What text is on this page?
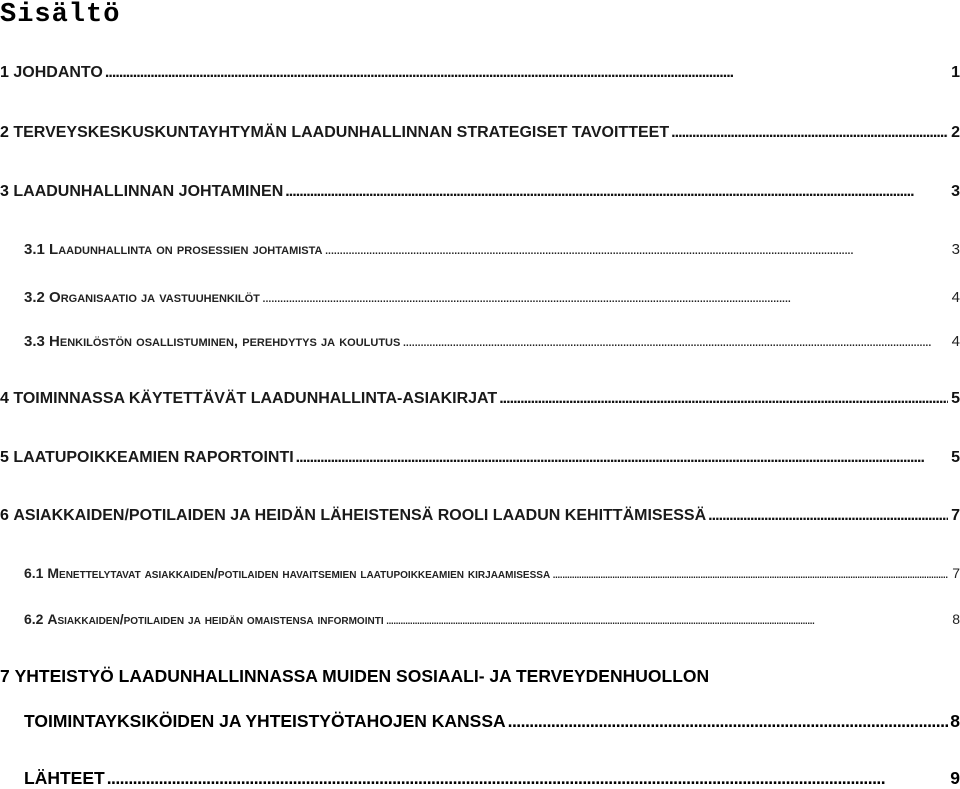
Sisältö
1
JOHDANTO . . .	1
2
TERVEYSKESKUSKUNTAYHTYMÄN LAADUNHALLINNAN STRATEGISET TAVOITTEET . . .	2
3
LAADUNHALLINNAN JOHTAMINEN . . .	3
3.1
Laadunhallinta on prosessien johtamista . . .	3
3.2
Organisaatio ja vastuuhenkilöt . . .	4
3.3
Henkilöstön osallistuminen, perehdytys ja koulutus . . .	4
4
TOIMINNASSA KÄYTETTÄVÄT LAADUNHALLINTA-ASIAKIRJAT . . .	5
5
LAATUPOIKKEAMIEN RAPORTOINTI . . .	5
6
ASIAKKAIDEN/POTILAIDEN JA HEIDÄN LÄHEISTENSÄ ROOLI LAADUN KEHITTÄMISESSÄ . . .	7
6.1
Menettelytavat asiakkaiden/potilaiden havaitsemien laatupoikkeamien kirjaamisessa . . .	7
6.2
Asiakkaiden/potilaiden ja heidän omaistensa informointi . . .	8
7 YHTEISTYÖ LAADUNHALLINNASSA MUIDEN SOSIAALI- JA TERVEYDENHUOLLON
TOIMINTAYKSIKÖIDEN JA YHTEISTYÖTAHOJEN KANSSA . . .	8
LÄHTEET . . .	9
